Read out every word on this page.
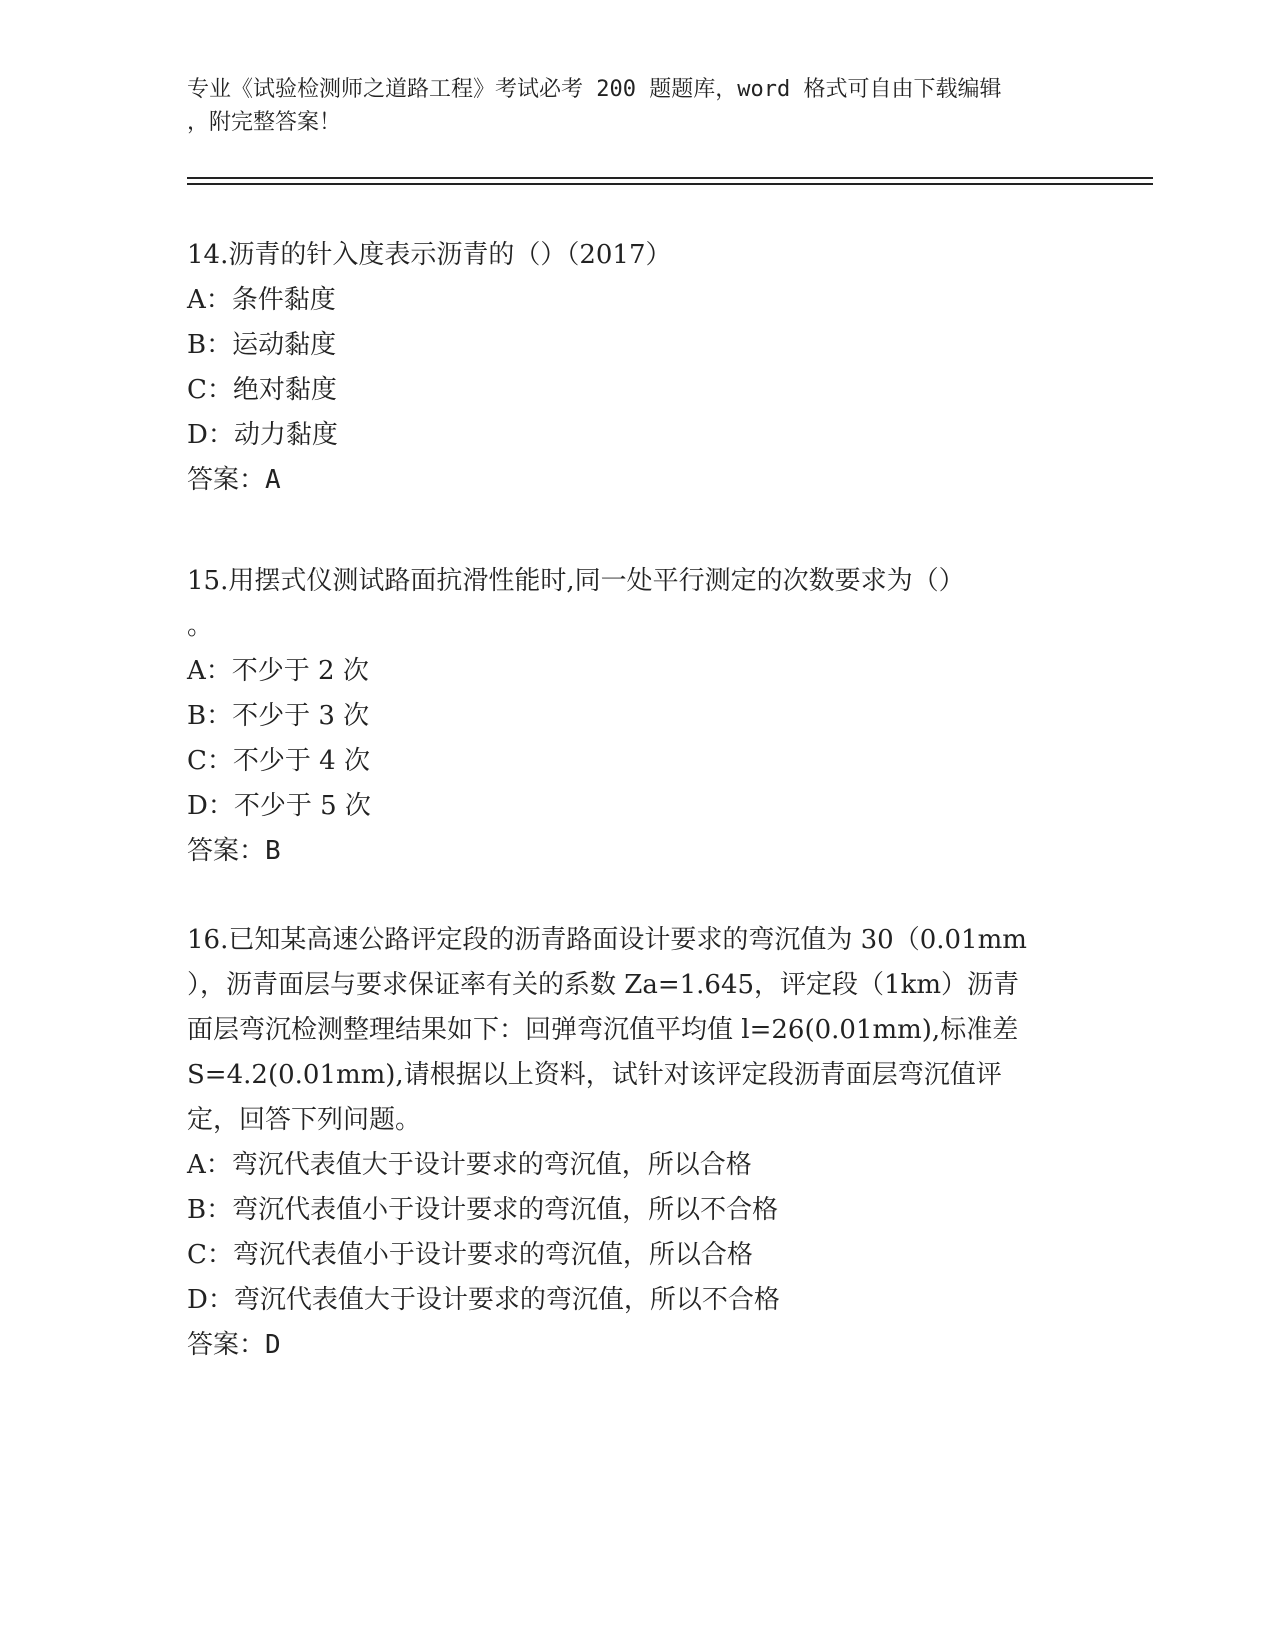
专业《试验检测师之道路工程》考试必考 200 题题库，word 格式可自由下载编辑
，附完整答案！
14.沥青的针入度表示沥青的（）（2017）
A：条件黏度
B：运动黏度
C：绝对黏度
D：动力黏度
答案：A
15.用摆式仪测试路面抗滑性能时,同一处平行测定的次数要求为（）
。
A：不少于 2 次
B：不少于 3 次
C：不少于 4 次
D：不少于 5 次
答案：B
16.已知某高速公路评定段的沥青路面设计要求的弯沉值为 30（0.01mm
），沥青面层与要求保证率有关的系数 Za=1.645，评定段（1km）沥青
面层弯沉检测整理结果如下：回弹弯沉值平均值 l=26(0.01mm),标准差
S=4.2(0.01mm),请根据以上资料，试针对该评定段沥青面层弯沉值评
定，回答下列问题。
A：弯沉代表值大于设计要求的弯沉值，所以合格
B：弯沉代表值小于设计要求的弯沉值，所以不合格
C：弯沉代表值小于设计要求的弯沉值，所以合格
D：弯沉代表值大于设计要求的弯沉值，所以不合格
答案：D
